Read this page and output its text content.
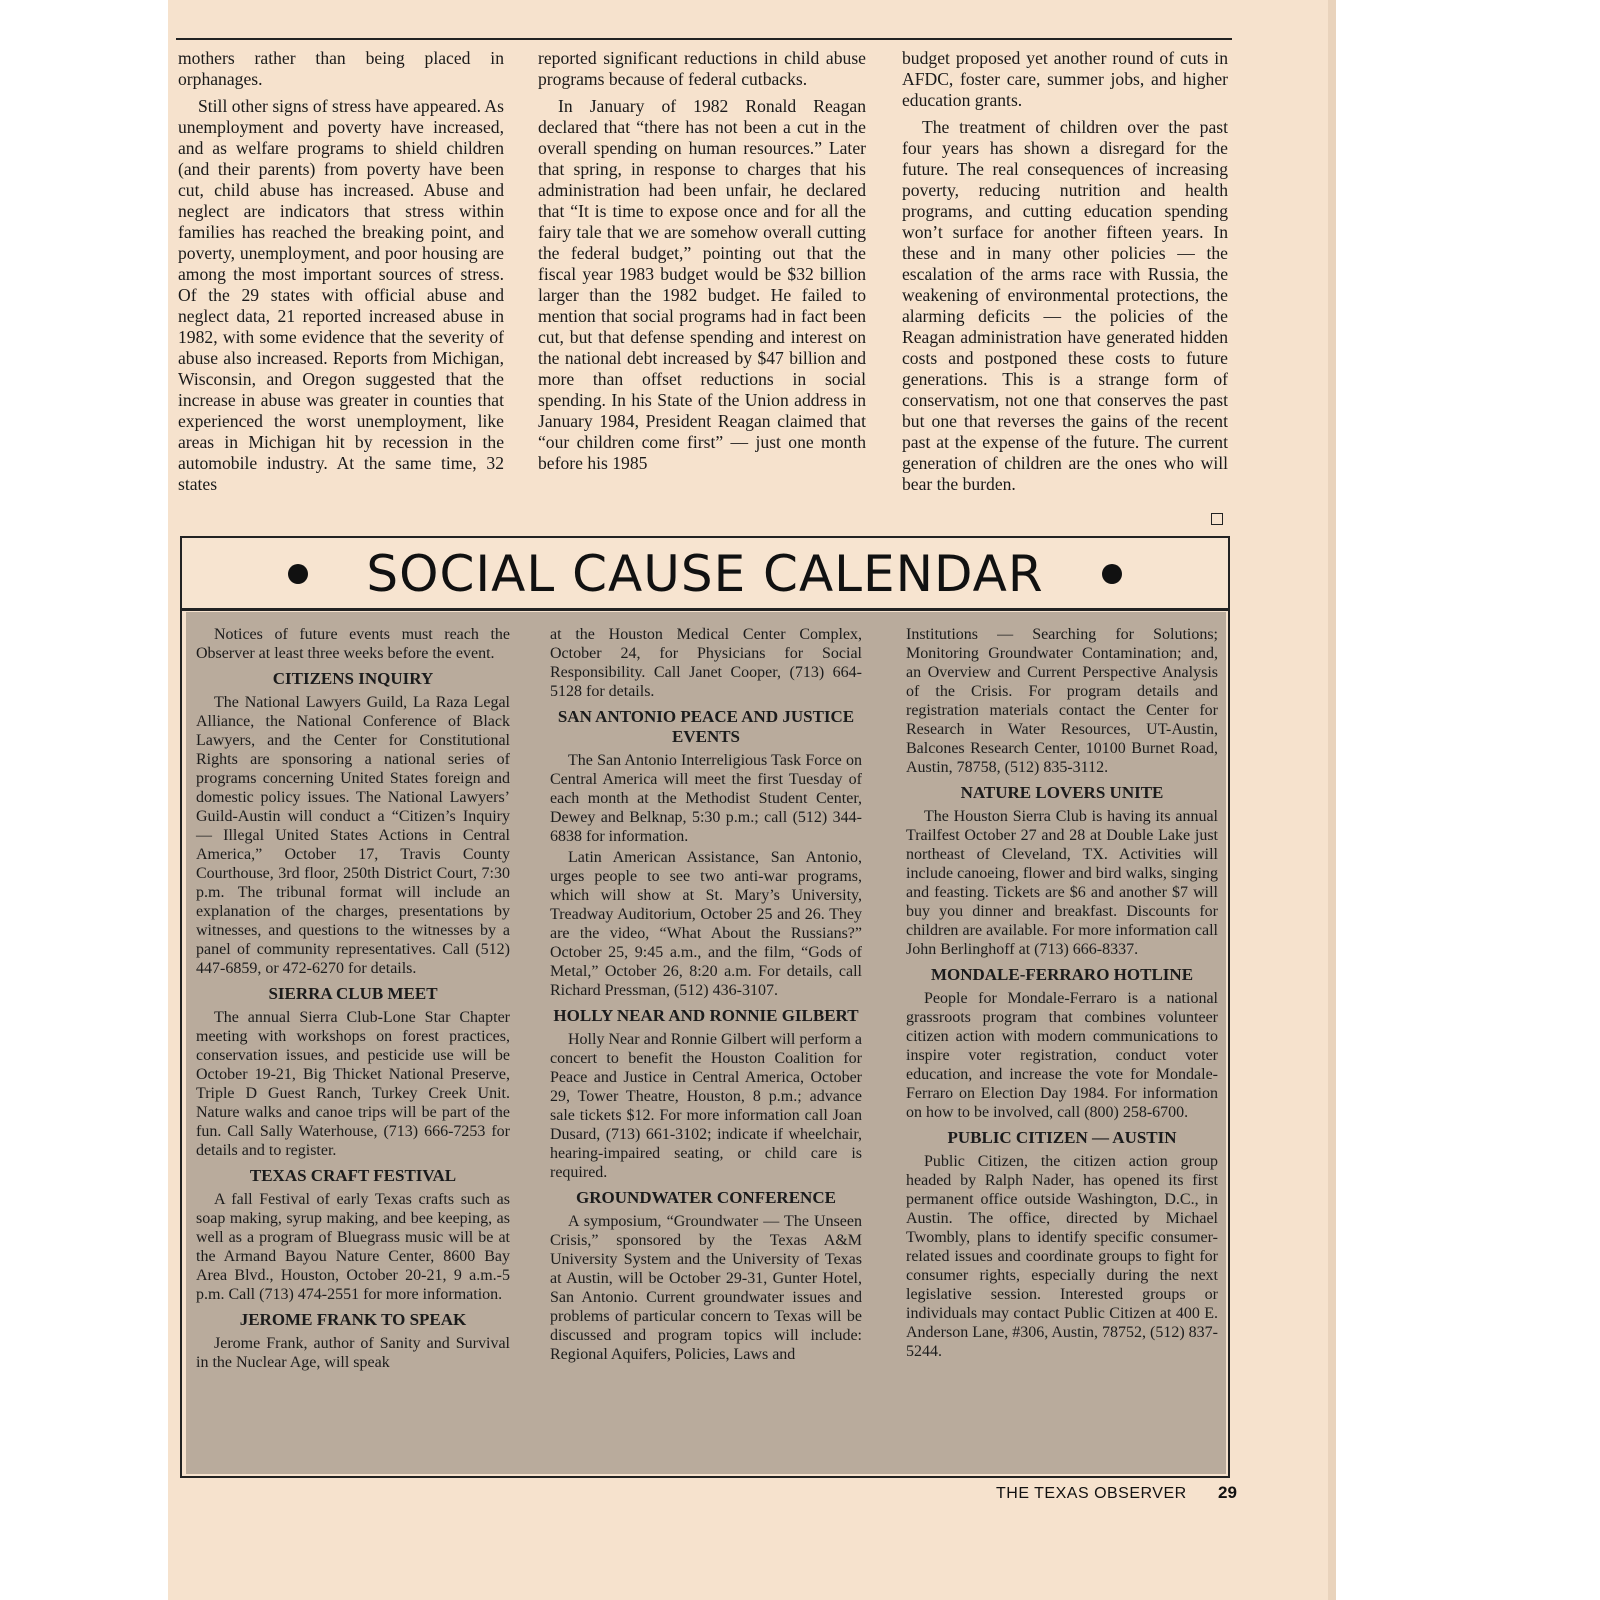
mothers rather than being placed in orphanages.

Still other signs of stress have appeared. As unemployment and poverty have increased, and as welfare programs to shield children (and their parents) from poverty have been cut, child abuse has increased. Abuse and neglect are indicators that stress within families has reached the breaking point, and poverty, unemployment, and poor housing are among the most important sources of stress. Of the 29 states with official abuse and neglect data, 21 reported increased abuse in 1982, with some evidence that the severity of abuse also increased. Reports from Michigan, Wisconsin, and Oregon suggested that the increase in abuse was greater in counties that experienced the worst unemployment, like areas in Michigan hit by recession in the automobile industry. At the same time, 32 states

reported significant reductions in child abuse programs because of federal cutbacks.

In January of 1982 Ronald Reagan declared that “there has not been a cut in the overall spending on human resources.” Later that spring, in response to charges that his administration had been unfair, he declared that “It is time to expose once and for all the fairy tale that we are somehow overall cutting the federal budget,” pointing out that the fiscal year 1983 budget would be $32 billion larger than the 1982 budget. He failed to mention that social programs had in fact been cut, but that defense spending and interest on the national debt increased by $47 billion and more than offset reductions in social spending. In his State of the Union address in January 1984, President Reagan claimed that “our children come first” — just one month before his 1985

budget proposed yet another round of cuts in AFDC, foster care, summer jobs, and higher education grants.

The treatment of children over the past four years has shown a disregard for the future. The real consequences of increasing poverty, reducing nutrition and health programs, and cutting education spending won’t surface for another fifteen years. In these and in many other policies — the escalation of the arms race with Russia, the weakening of environmental protections, the alarming deficits — the policies of the Reagan administration have generated hidden costs and postponed these costs to future generations. This is a strange form of conservatism, not one that conserves the past but one that reverses the gains of the recent past at the expense of the future. The current generation of children are the ones who will bear the burden.

SOCIAL CAUSE CALENDAR

Notices of future events must reach the Observer at least three weeks before the event.

CITIZENS INQUIRY

The National Lawyers Guild, La Raza Legal Alliance, the National Conference of Black Lawyers, and the Center for Constitutional Rights are sponsoring a national series of programs concerning United States foreign and domestic policy issues. The National Lawyers’ Guild-Austin will conduct a “Citizen’s Inquiry — Illegal United States Actions in Central America,” October 17, Travis County Courthouse, 3rd floor, 250th District Court, 7:30 p.m. The tribunal format will include an explanation of the charges, presentations by witnesses, and questions to the witnesses by a panel of community representatives. Call (512) 447-6859, or 472-6270 for details.

SIERRA CLUB MEET

The annual Sierra Club-Lone Star Chapter meeting with workshops on forest practices, conservation issues, and pesticide use will be October 19-21, Big Thicket National Preserve, Triple D Guest Ranch, Turkey Creek Unit. Nature walks and canoe trips will be part of the fun. Call Sally Waterhouse, (713) 666-7253 for details and to register.

TEXAS CRAFT FESTIVAL

A fall Festival of early Texas crafts such as soap making, syrup making, and bee keeping, as well as a program of Bluegrass music will be at the Armand Bayou Nature Center, 8600 Bay Area Blvd., Houston, October 20-21, 9 a.m.-5 p.m. Call (713) 474-2551 for more information.

JEROME FRANK TO SPEAK

Jerome Frank, author of Sanity and Survival in the Nuclear Age, will speak

at the Houston Medical Center Complex, October 24, for Physicians for Social Responsibility. Call Janet Cooper, (713) 664-5128 for details.

SAN ANTONIO PEACE AND JUSTICE EVENTS

The San Antonio Interreligious Task Force on Central America will meet the first Tuesday of each month at the Methodist Student Center, Dewey and Belknap, 5:30 p.m.; call (512) 344-6838 for information.

Latin American Assistance, San Antonio, urges people to see two anti-war programs, which will show at St. Mary’s University, Treadway Auditorium, October 25 and 26. They are the video, “What About the Russians?” October 25, 9:45 a.m., and the film, “Gods of Metal,” October 26, 8:20 a.m. For details, call Richard Pressman, (512) 436-3107.

HOLLY NEAR AND RONNIE GILBERT

Holly Near and Ronnie Gilbert will perform a concert to benefit the Houston Coalition for Peace and Justice in Central America, October 29, Tower Theatre, Houston, 8 p.m.; advance sale tickets $12. For more information call Joan Dusard, (713) 661-3102; indicate if wheelchair, hearing-impaired seating, or child care is required.

GROUNDWATER CONFERENCE

A symposium, “Groundwater — The Unseen Crisis,” sponsored by the Texas A&M University System and the University of Texas at Austin, will be October 29-31, Gunter Hotel, San Antonio. Current groundwater issues and problems of particular concern to Texas will be discussed and program topics will include: Regional Aquifers, Policies, Laws and

Institutions — Searching for Solutions; Monitoring Groundwater Contamination; and, an Overview and Current Perspective Analysis of the Crisis. For program details and registration materials contact the Center for Research in Water Resources, UT-Austin, Balcones Research Center, 10100 Burnet Road, Austin, 78758, (512) 835-3112.

NATURE LOVERS UNITE

The Houston Sierra Club is having its annual Trailfest October 27 and 28 at Double Lake just northeast of Cleveland, TX. Activities will include canoeing, flower and bird walks, singing and feasting. Tickets are $6 and another $7 will buy you dinner and breakfast. Discounts for children are available. For more information call John Berlinghoff at (713) 666-8337.

MONDALE-FERRARO HOTLINE

People for Mondale-Ferraro is a national grassroots program that combines volunteer citizen action with modern communications to inspire voter registration, conduct voter education, and increase the vote for Mondale-Ferraro on Election Day 1984. For information on how to be involved, call (800) 258-6700.

PUBLIC CITIZEN — AUSTIN

Public Citizen, the citizen action group headed by Ralph Nader, has opened its first permanent office outside Washington, D.C., in Austin. The office, directed by Michael Twombly, plans to identify specific consumer-related issues and coordinate groups to fight for consumer rights, especially during the next legislative session. Interested groups or individuals may contact Public Citizen at 400 E. Anderson Lane, #306, Austin, 78752, (512) 837-5244.

THE TEXAS OBSERVER 29
